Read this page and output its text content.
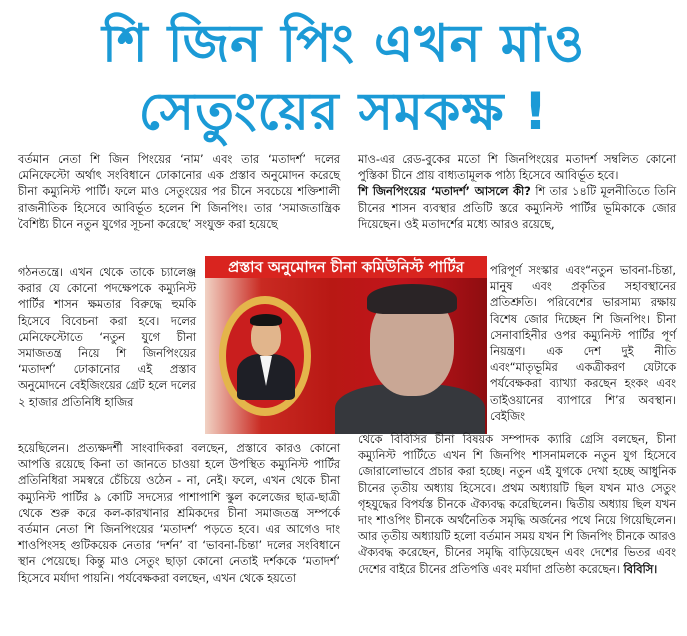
শি জিন পিং এখন মাও
সেতুংয়ের সমকক্ষ !

বর্তমান নেতা শি জিন পিংয়ের ‘নাম’ এবং তার ‘মতাদর্শ’ দলের মেনিফেস্টো অর্থাৎ সংবিধানে ঢোকানোর এক প্রস্তাব অনুমোদন করেছে চীনা কম্যুনিস্ট পার্টি। ফলে মাও সেতুংয়ের পর চীনে সবচেয়ে শক্তিশালী রাজনীতিক হিসেবে আবির্ভূত হলেন শি জিনপিং। তার ‘সমাজতান্ত্রিক বৈশিষ্ট্য চীনে নতুন যুগের সূচনা করেছে’ সংযুক্ত করা হয়েছে

গঠনতন্ত্রে। এখন থেকে তাকে চ্যালেঞ্জ করার যে কোনো পদক্ষেপকে কম্যুনিস্ট পার্টির শাসন ক্ষমতার বিরুদ্ধে হুমকি হিসেবে বিবেচনা করা হবে। দলের মেনিফেস্টোতে ‘নতুন যুগে চীনা সমাজতন্ত্র নিয়ে শি জিনপিংয়ের ‘মতাদর্শ’ ঢোকানোর এই প্রস্তাব অনুমোদনে বেইজিংয়ের গ্রেট হলে দলের ২ হাজার প্রতিনিধি হাজির

প্রস্তাব অনুমোদন চীনা কমিউনিস্ট পার্টির

হয়েছিলেন। প্রত্যক্ষদর্শী সাংবাদিকরা বলছেন, প্রস্তাবে কারও কোনো আপত্তি রয়েছে কিনা তা জানতে চাওয়া হলে উপস্থিত কম্যুনিস্ট পার্টির প্রতিনিধিরা সমস্বরে চেঁচিয়ে ওঠেন - না, নেই। ফলে, এখন থেকে চীনা কম্যুনিস্ট পার্টির ৯ কোটি সদস্যের পাশাপাশি স্কুল কলেজের ছাত্র-ছাত্রী থেকে শুরু করে কল-কারখানার শ্রমিকদের চীনা সমাজতন্ত্র সম্পর্কে বর্তমান নেতা শি জিনপিংয়ের ‘মতাদর্শ’ পড়তে হবে। এর আগেও দাং শাওপিংসহ গুটিকয়েক নেতার ‘দর্শন’ বা ‘ভাবনা-চিন্তা’ দলের সংবিধানে স্থান পেয়েছে। কিন্তু মাও সেতুং ছাড়া কোনো নেতাই দর্শককে ‘মতাদর্শ’ হিসেবে মর্যাদা পায়নি। পর্যবেক্ষকরা বলছেন, এখন থেকে হয়তো

মাও-এর রেড-বুকের মতো শি জিনপিংয়ের মতাদর্শ সম্বলিত কোনো পুস্তিকা চীনে প্রায় বাধ্যতামূলক পাঠ্য হিসেবে আবির্ভূত হবে।

শি জিনপিংয়ের ‘মতাদর্শ’ আসলে কী? শি তার ১৪টি মূলনীতিতে তিনি চীনের শাসন ব্যবস্থার প্রতিটি স্তরে কম্যুনিস্ট পার্টির ভূমিকাকে জোর দিয়েছেন। ওই মতাদর্শের মধ্যে আরও রয়েছে,

পরিপূর্ণ সংস্কার এবং“নতুন ভাবনা-চিন্তা, মানুষ এবং প্রকৃতির সহাবস্থানের প্রতিশ্রুতি। পরিবেশের ভারসাম্য রক্ষায় বিশেষ জোর দিচ্ছেন শি জিনপিং। চীনা সেনাবাহিনীর ওপর কম্যুনিস্ট পার্টির পূর্ণ নিয়ন্ত্রণ। এক দেশ দুই নীতি এবং“মাতৃভূমির একত্রীকরণ যেটাকে পর্যবেক্ষকরা ব্যাখ্যা করছেন হংকং এবং তাইওয়ানের ব্যাপারে শি’র অবস্থান। বেইজিং

থেকে বিবিসির চীনা বিষয়ক সম্পাদক ক্যারি গ্রেসি বলছেন, চীনা কম্যুনিস্ট পার্টিতে এখন শি জিনপিং শাসনামলকে নতুন যুগ হিসেবে জোরালোভাবে প্রচার করা হচ্ছে। নতুন এই যুগকে দেখা হচ্ছে আধুনিক চীনের তৃতীয় অধ্যায় হিসেবে। প্রথম অধ্যায়টি ছিল যখন মাও সেতুং গৃহযুদ্ধের বিপর্যস্ত চীনকে ঐক্যবদ্ধ করেছিলেন। দ্বিতীয় অধ্যায় ছিল যখন দাং শাওপিং চীনকে অর্থনৈতিক সমৃদ্ধি অর্জনের পথে নিয়ে গিয়েছিলেন। আর তৃতীয় অধ্যায়টি হলো বর্তমান সময় যখন শি জিনপিং চীনকে আরও ঐক্যবদ্ধ করেছেন, চীনের সমৃদ্ধি বাড়িয়েছেন এবং দেশের ভিতর এবং দেশের বাইরে চীনের প্রতিপত্তি এবং মর্যাদা প্রতিষ্ঠা করেছেন। বিবিসি।
